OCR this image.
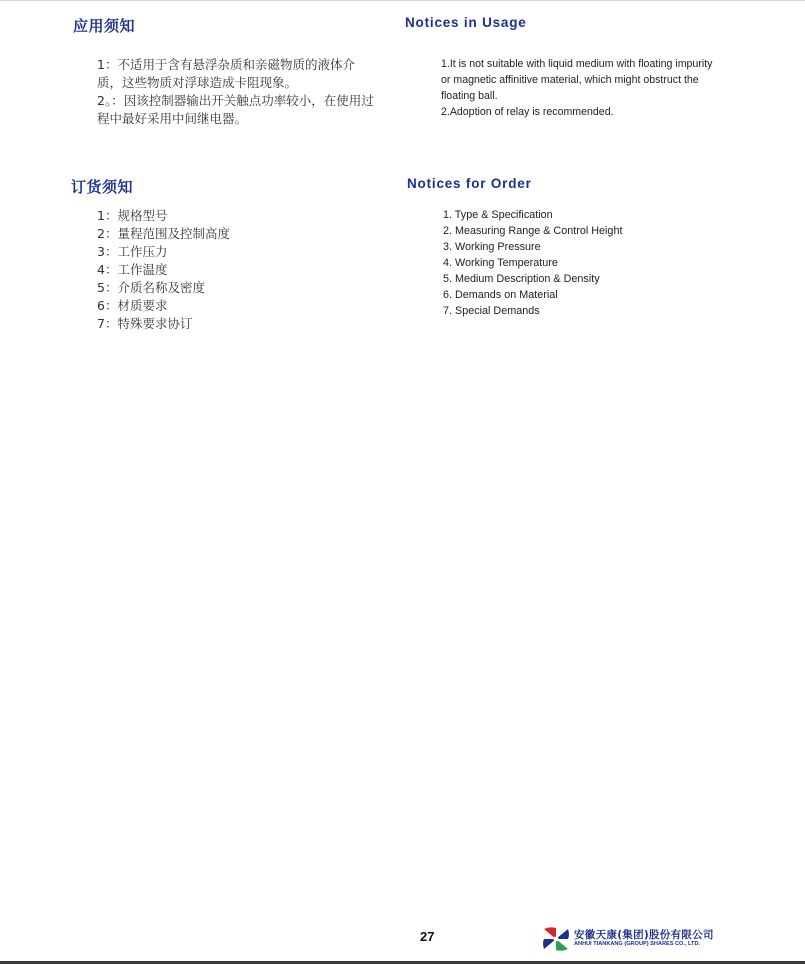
应用须知	Notices in Usage

1：不适用于含有悬浮杂质和亲磁物质的液体介质，这些物质对浮球造成卡阻现象。
2。：因该控制器输出开关触点功率较小，在使用过程中最好采用中间继电器。

1.It is not suitable with liquid medium with floating impurity or magnetic affinitive material, which might obstruct the floating ball.
2.Adoption of relay is recommended.

订货须知	Notices for Order
1：规格型号
2：量程范围及控制高度
3：工作压力
4：工作温度
5：介质名称及密度
6：材质要求
7：特殊要求协订
1. Type & Specification
2. Measuring Range & Control Height
3. Working Pressure
4. Working Temperature
5. Medium Description & Density
6. Demands on Material
7. Special Demands
27	安徽天康(集团)股份有限公司
ANHUI TIANKANG (GROUP) SHARES CO., LTD.
